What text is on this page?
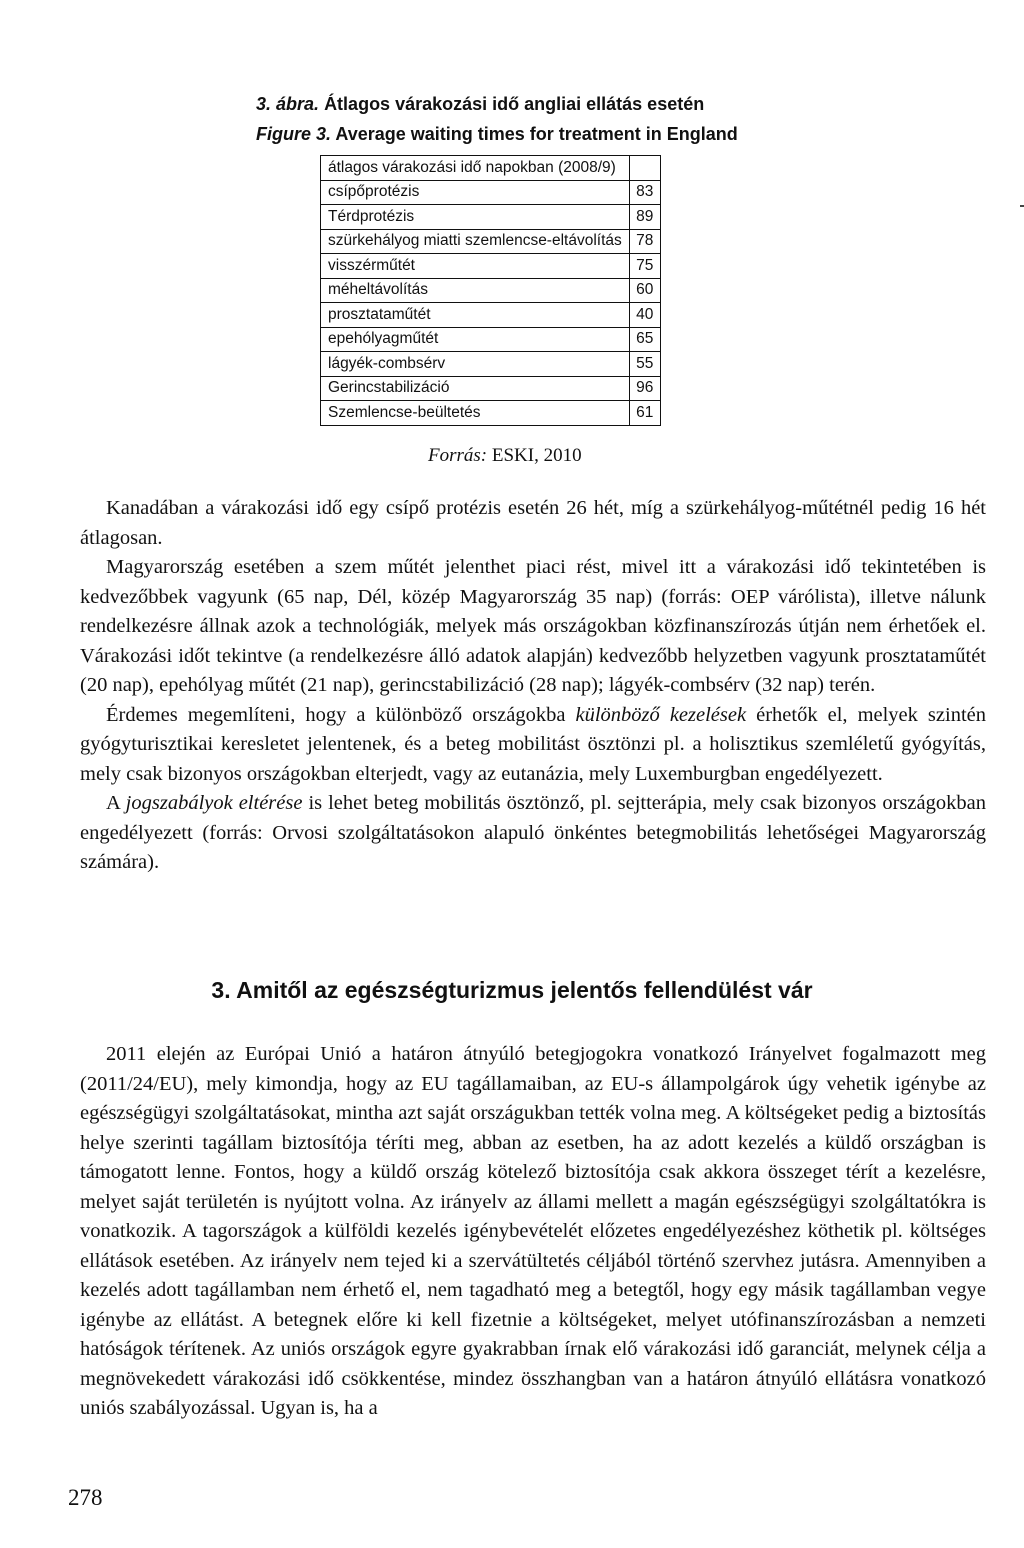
3. ábra. Átlagos várakozási idő angliai ellátás esetén
Figure 3. Average waiting times for treatment in England
átlagos várakozási idő napokban (2008/9)	
csípőprotézis	83
Térdprotézis	89
szürkehályog miatti szemlencse-eltávolítás	78
visszérműtét	75
méheltávolítás	60
prosztataműtét	40
epehólyagműtét	65
lágyék-combsérv	55
Gerincstabilizáció	96
Szemlencse-beültetés	61
Forrás: ESKI, 2010

Kanadában a várakozási idő egy csípő protézis esetén 26 hét, míg a szürkehályog-műtétnél pedig 16 hét átlagosan.

Magyarország esetében a szem műtét jelenthet piaci rést, mivel itt a várakozási idő tekintetében is kedvezőbbek vagyunk (65 nap, Dél, közép Magyarország 35 nap) (forrás: OEP várólista), illetve nálunk rendelkezésre állnak azok a technológiák, melyek más országokban közfinanszírozás útján nem érhetőek el. Várakozási időt tekintve (a rendelkezésre álló adatok alapján) kedvezőbb helyzetben vagyunk prosztataműtét (20 nap), epehólyag műtét (21 nap), gerincstabilizáció (28 nap); lágyék-combsérv (32 nap) terén.

Érdemes megemlíteni, hogy a különböző országokba különböző kezelések érhetők el, melyek szintén gyógyturisztikai keresletet jelentenek, és a beteg mobilitást ösztönzi pl. a holisztikus szemléletű gyógyítás, mely csak bizonyos országokban elterjedt, vagy az eutanázia, mely Luxemburgban engedélyezett.

A jogszabályok eltérése is lehet beteg mobilitás ösztönző, pl. sejtterápia, mely csak bizonyos országokban engedélyezett (forrás: Orvosi szolgáltatásokon alapuló önkéntes betegmobilitás lehetőségei Magyarország számára).

3. Amitől az egészségturizmus jelentős fellendülést vár

2011 elején az Európai Unió a határon átnyúló betegjogokra vonatkozó Irányelvet fogalmazott meg (2011/24/EU), mely kimondja, hogy az EU tagállamaiban, az EU-s állampolgárok úgy vehetik igénybe az egészségügyi szolgáltatásokat, mintha azt saját országukban tették volna meg. A költségeket pedig a biztosítás helye szerinti tagállam biztosítója téríti meg, abban az esetben, ha az adott kezelés a küldő országban is támogatott lenne. Fontos, hogy a küldő ország kötelező biztosítója csak akkora összeget térít a kezelésre, melyet saját területén is nyújtott volna. Az irányelv az állami mellett a magán egészségügyi szolgáltatókra is vonatkozik. A tagországok a külföldi kezelés igénybevételét előzetes engedélyezéshez köthetik pl. költséges ellátások esetében. Az irányelv nem tejed ki a szervátültetés céljából történő szervhez jutásra. Amennyiben a kezelés adott tagállamban nem érhető el, nem tagadható meg a betegtől, hogy egy másik tagállamban vegye igénybe az ellátást. A betegnek előre ki kell fizetnie a költségeket, melyet utófinanszírozásban a nemzeti hatóságok térítenek. Az uniós országok egyre gyakrabban írnak elő várakozási idő garanciát, melynek célja a megnövekedett várakozási idő csökkentése, mindez összhangban van a határon átnyúló ellátásra vonatkozó uniós szabályozással. Ugyan is, ha a

278
